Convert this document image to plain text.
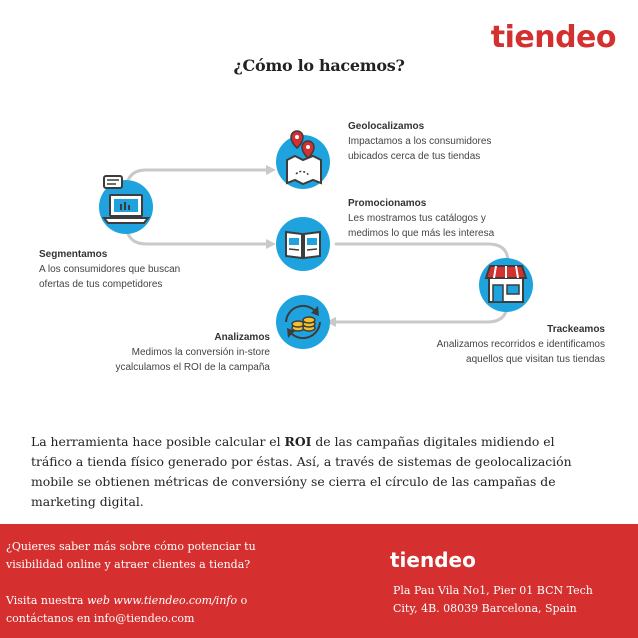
tiendeo
¿Cómo lo hacemos?
Geolocalizamos
Impactamos a los consumidores
ubicados cerca de tus tiendas
Promocionamos
Les mostramos tus catálogos y
medimos lo que más les interesa
Segmentamos
A los consumidores que buscan
ofertas de tus competidores
Trackeamos
Analizamos recorridos e identificamos
aquellos que visitan tus tiendas
Analizamos
Medimos la conversión in-store
ycalculamos el ROI de la campaña
La herramienta hace posible calcular el ROI de las campañas digitales midiendo el tráfico a tienda físico generado por éstas. Así, a través de sistemas de geolocalización mobile se obtienen métricas de conversióny se cierra el círculo de las campañas de marketing digital.
¿Quieres saber más sobre cómo potenciar tu
visibilidad online y atraer clientes a tienda?
Visita nuestra web www.tiendeo.com/info o
contáctanos en info@tiendeo.com
tiendeo
Pla Pau Vila No1, Pier 01 BCN Tech
City, 4B. 08039 Barcelona, Spain
